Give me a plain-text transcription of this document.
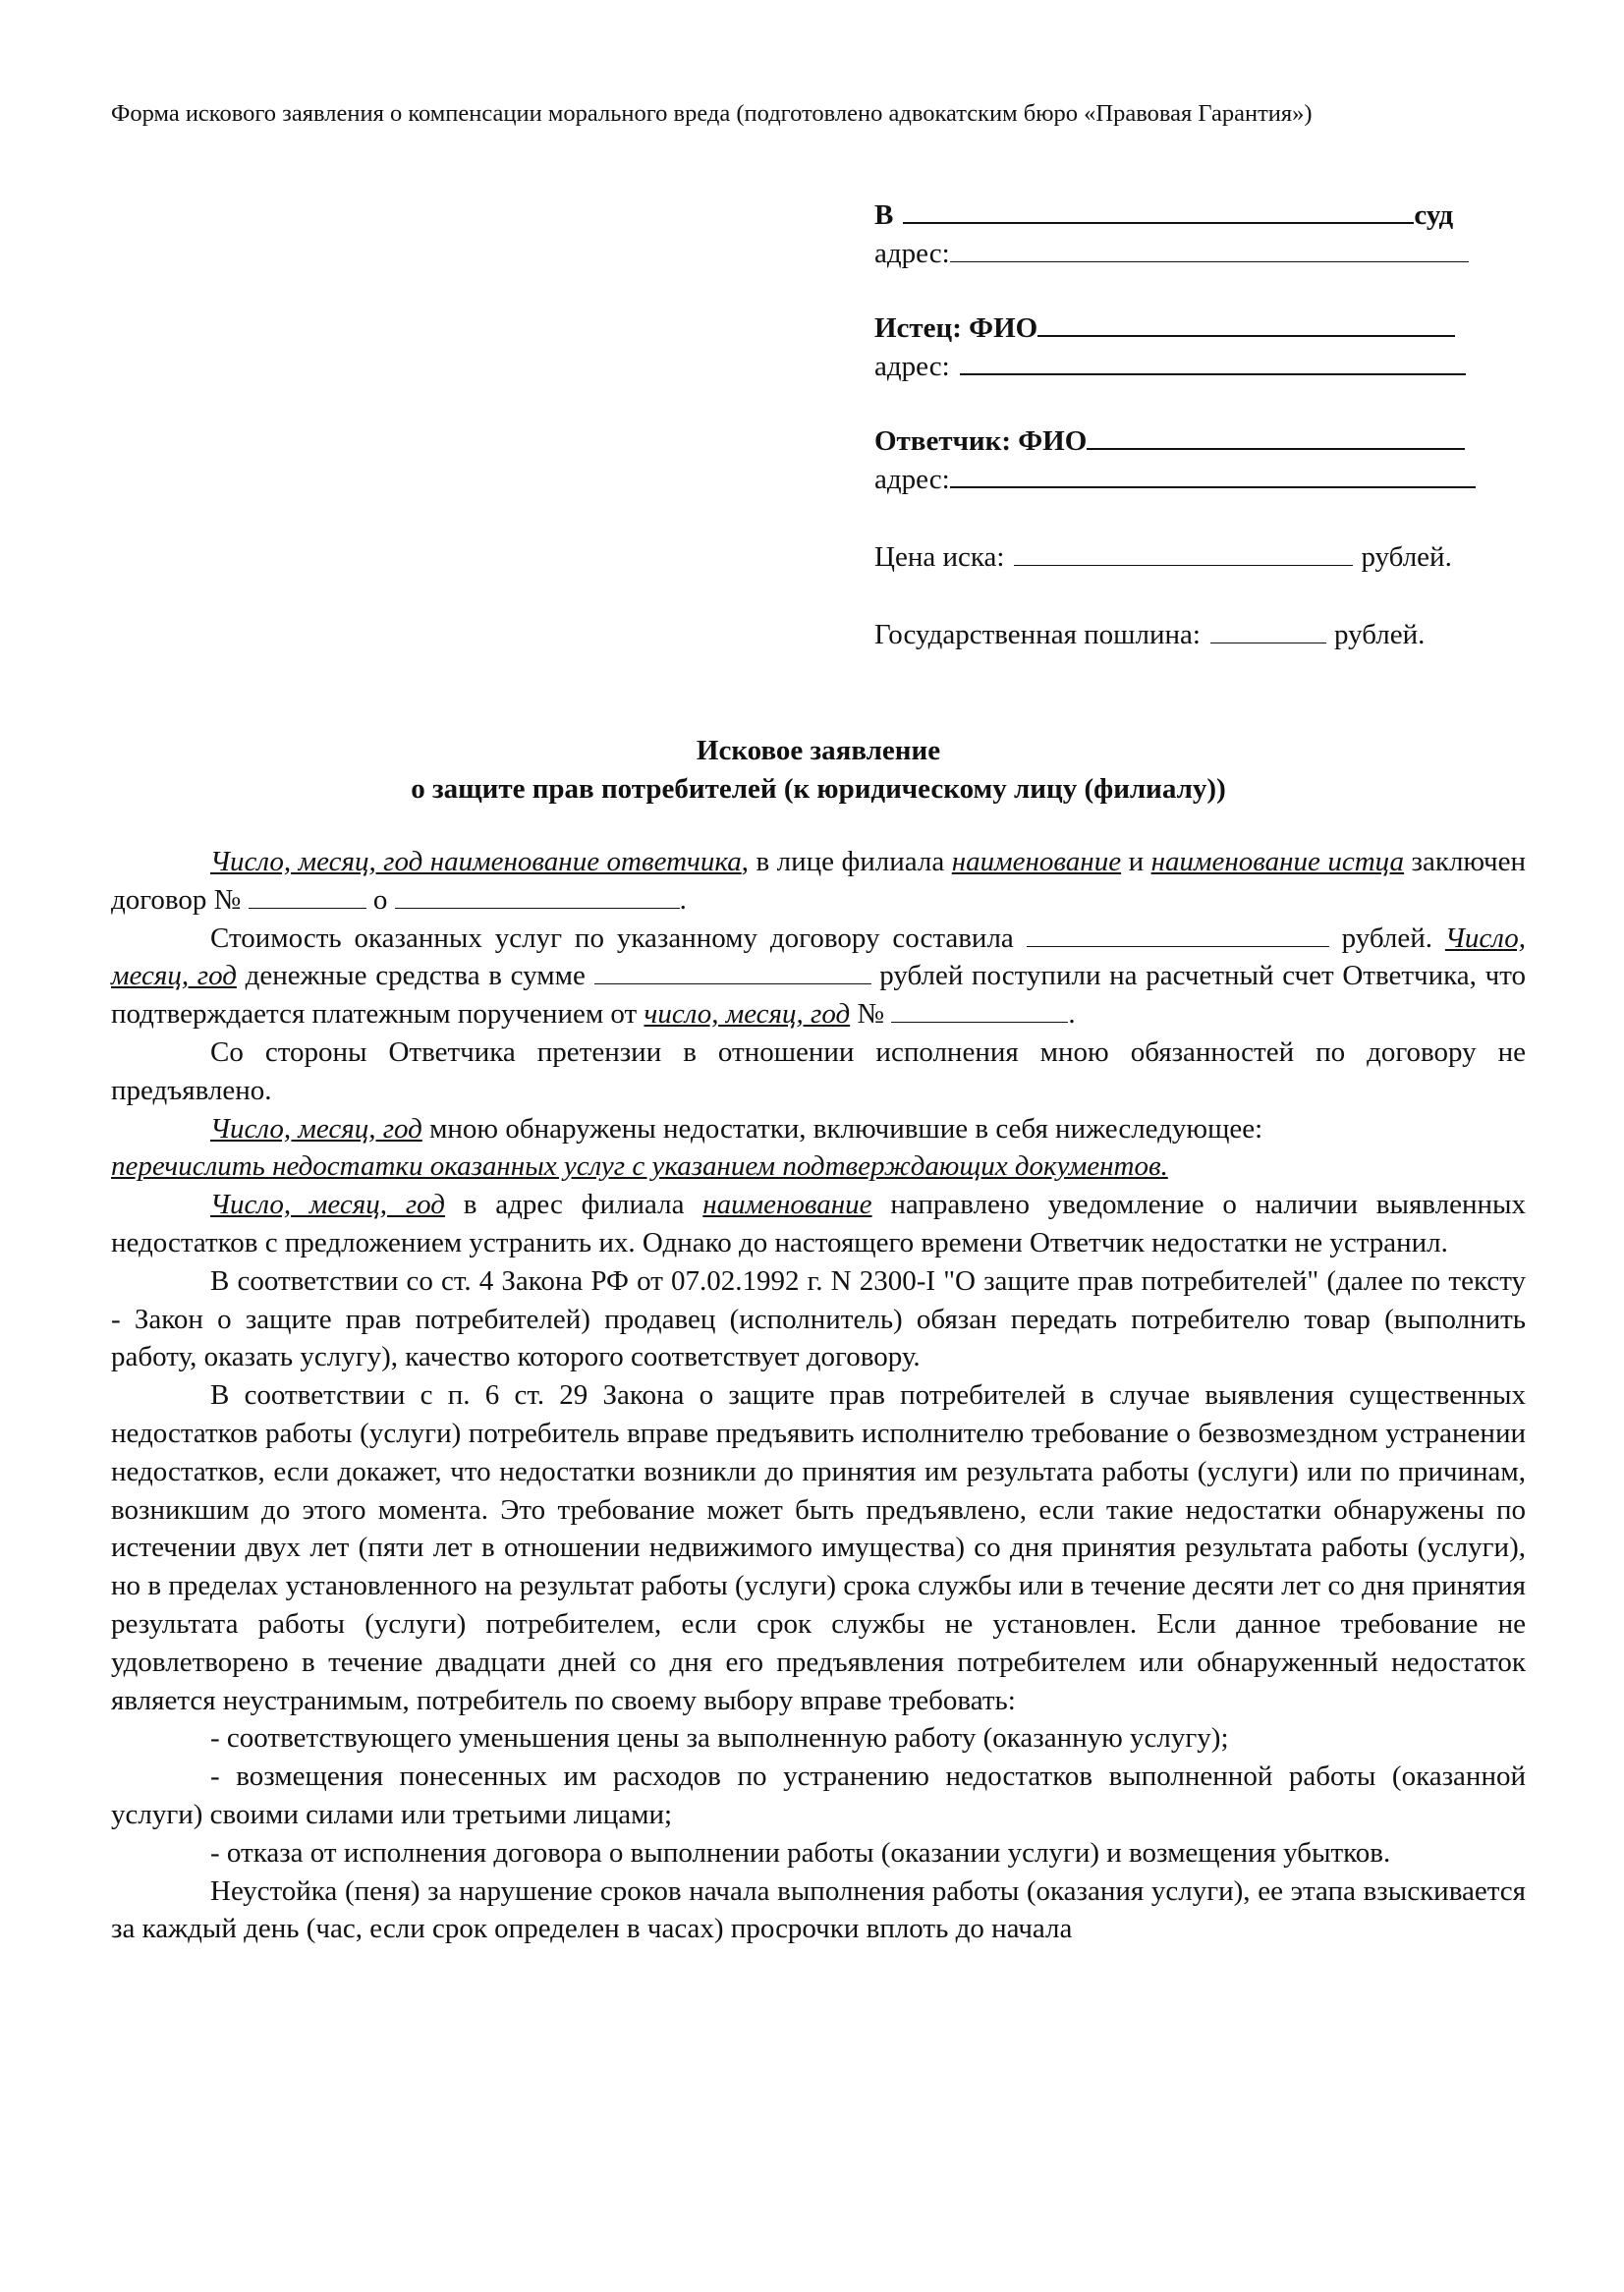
Форма искового заявления о компенсации морального вреда (подготовлено адвокатским бюро «Правовая Гарантия»)
В	суд
адрес:
Истец: ФИО
адрес:
Ответчик: ФИО
адрес:
Цена иска:	рублей.
Государственная пошлина:	рублей.
Исковое заявление
о защите прав потребителей (к юридическому лицу (филиалу))

Число, месяц, год наименование ответчика, в лице филиала наименование и наименование истца заключен договор №	о	.

Стоимость оказанных услуг по указанному договору составила	рублей. Число, месяц, год денежные средства в сумме	рублей поступили на расчетный счет Ответчика, что подтверждается платежным поручением от число, месяц, год №	.

Со стороны Ответчика претензии в отношении исполнения мною обязанностей по договору не предъявлено.

Число, месяц, год мною обнаружены недостатки, включившие в себя нижеследующее:
перечислить недостатки оказанных услуг с указанием подтверждающих документов.

Число, месяц, год в адрес филиала наименование направлено уведомление о наличии выявленных недостатков с предложением устранить их. Однако до настоящего времени Ответчик недостатки не устранил.

В соответствии со ст. 4 Закона РФ от 07.02.1992 г. N 2300-I "О защите прав потребителей" (далее по тексту - Закон о защите прав потребителей) продавец (исполнитель) обязан передать потребителю товар (выполнить работу, оказать услугу), качество которого соответствует договору.

В соответствии с п. 6 ст. 29 Закона о защите прав потребителей в случае выявления существенных недостатков работы (услуги) потребитель вправе предъявить исполнителю требование о безвозмездном устранении недостатков, если докажет, что недостатки возникли до принятия им результата работы (услуги) или по причинам, возникшим до этого момента. Это требование может быть предъявлено, если такие недостатки обнаружены по истечении двух лет (пяти лет в отношении недвижимого имущества) со дня принятия результата работы (услуги), но в пределах установленного на результат работы (услуги) срока службы или в течение десяти лет со дня принятия результата работы (услуги) потребителем, если срок службы не установлен. Если данное требование не удовлетворено в течение двадцати дней со дня его предъявления потребителем или обнаруженный недостаток является неустранимым, потребитель по своему выбору вправе требовать:

- соответствующего уменьшения цены за выполненную работу (оказанную услугу);

- возмещения понесенных им расходов по устранению недостатков выполненной работы (оказанной услуги) своими силами или третьими лицами;

- отказа от исполнения договора о выполнении работы (оказании услуги) и возмещения убытков.

Неустойка (пеня) за нарушение сроков начала выполнения работы (оказания услуги), ее этапа взыскивается за каждый день (час, если срок определен в часах) просрочки вплоть до начала
